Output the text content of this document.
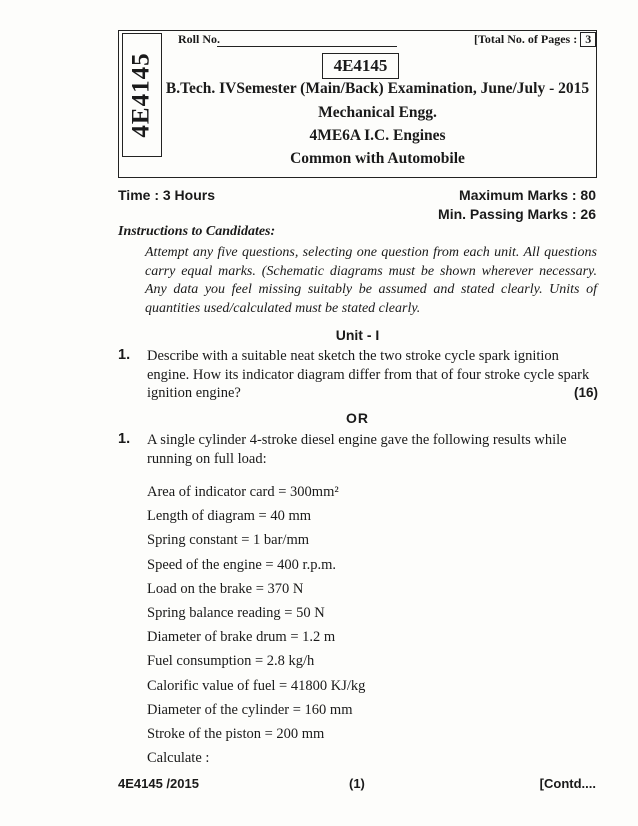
4E4145
Roll No.	[Total No. of Pages : 3
4E4145
B.Tech. IVSemester (Main/Back) Examination, June/July - 2015
Mechanical Engg.
4ME6A I.C. Engines
Common with Automobile
Time : 3 Hours	Maximum Marks : 80
Min. Passing Marks : 26
Instructions to Candidates:
Attempt any five questions, selecting one question from each unit. All questions carry equal marks. (Schematic diagrams must be shown wherever necessary. Any data you feel missing suitably be assumed and stated clearly. Units of quantities used/calculated must be stated clearly.
Unit - I
1. Describe with a suitable neat sketch the two stroke cycle spark ignition engine. How its indicator diagram differ from that of four stroke cycle spark ignition engine?	(16)
OR
1. A single cylinder 4-stroke diesel engine gave the following results while running on full load:
Area of indicator card = 300mm²
Length of diagram = 40 mm
Spring constant = 1 bar/mm
Speed of the engine = 400 r.p.m.
Load on the brake = 370 N
Spring balance reading = 50 N
Diameter of brake drum = 1.2 m
Fuel consumption = 2.8 kg/h
Calorific value of fuel = 41800 KJ/kg
Diameter of the cylinder = 160 mm
Stroke of the piston = 200 mm
Calculate :
4E4145 /2015	(1)	[Contd....
